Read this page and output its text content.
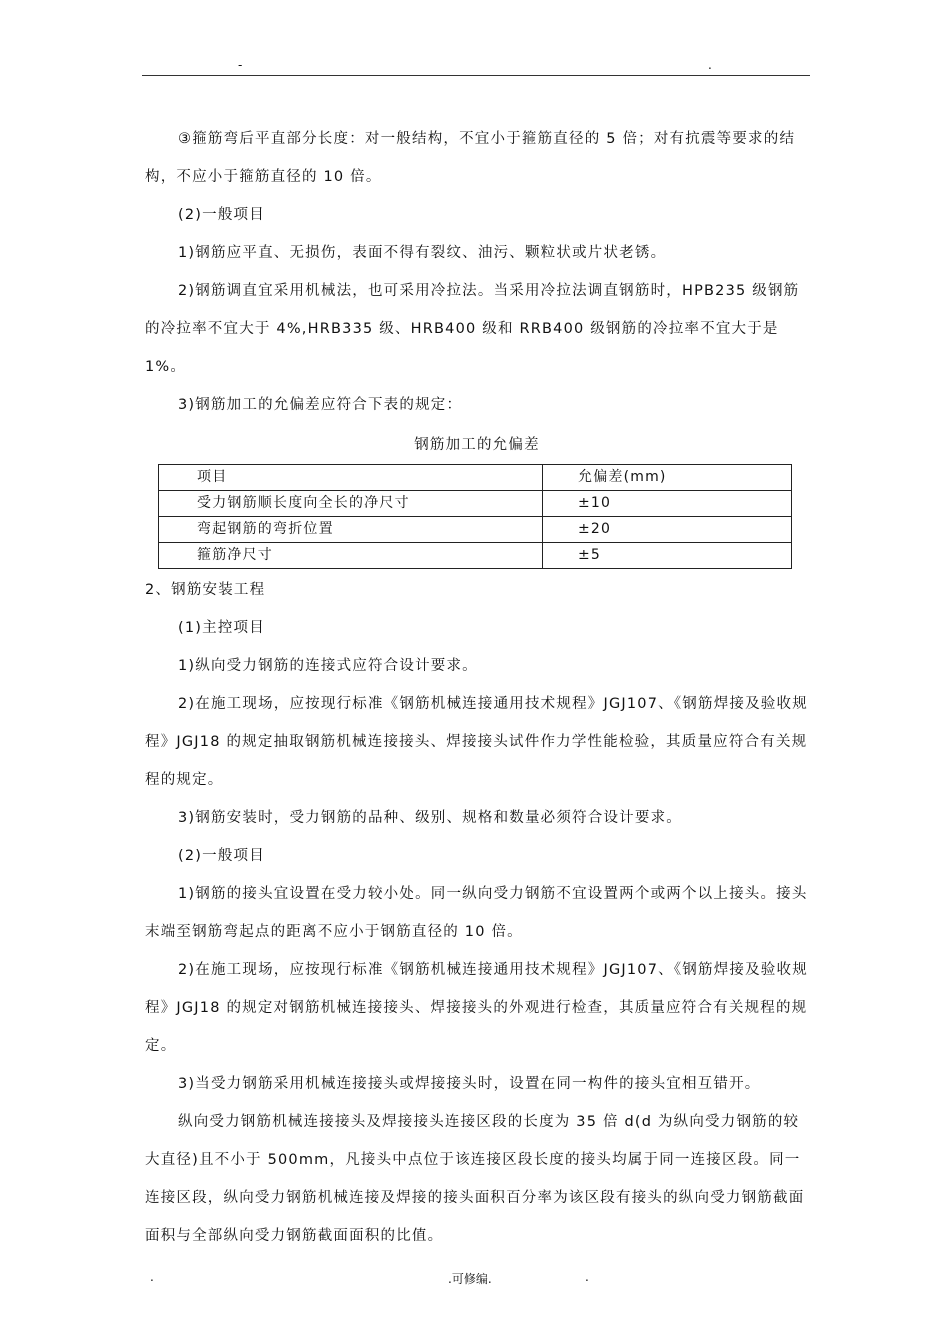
-	.

③箍筋弯后平直部分长度：对一般结构，不宜小于箍筋直径的 5 倍；对有抗震等要求的结构，不应小于箍筋直径的 10 倍。

(2)一般项目

1)钢筋应平直、无损伤，表面不得有裂纹、油污、颗粒状或片状老锈。

2)钢筋调直宜采用机械法，也可采用冷拉法。当采用冷拉法调直钢筋时，HPB235 级钢筋的冷拉率不宜大于 4%,HRB335 级、HRB400 级和 RRB400 级钢筋的冷拉率不宜大于是 1%。

3)钢筋加工的允偏差应符合下表的规定：

钢筋加工的允偏差
项目	允偏差(mm)
受力钢筋顺长度向全长的净尺寸	±10
弯起钢筋的弯折位置	±20
箍筋净尺寸	±5

2、钢筋安装工程

(1)主控项目

1)纵向受力钢筋的连接式应符合设计要求。

2)在施工现场，应按现行标准《钢筋机械连接通用技术规程》JGJ107、《钢筋焊接及验收规程》JGJ18 的规定抽取钢筋机械连接接头、焊接接头试件作力学性能检验，其质量应符合有关规程的规定。

3)钢筋安装时，受力钢筋的品种、级别、规格和数量必须符合设计要求。

(2)一般项目

1)钢筋的接头宜设置在受力较小处。同一纵向受力钢筋不宜设置两个或两个以上接头。接头末端至钢筋弯起点的距离不应小于钢筋直径的 10 倍。

2)在施工现场，应按现行标准《钢筋机械连接通用技术规程》JGJ107、《钢筋焊接及验收规程》JGJ18 的规定对钢筋机械连接接头、焊接接头的外观进行检查，其质量应符合有关规程的规定。

3)当受力钢筋采用机械连接接头或焊接接头时，设置在同一构件的接头宜相互错开。

纵向受力钢筋机械连接接头及焊接接头连接区段的长度为 35 倍 d(d 为纵向受力钢筋的较大直径)且不小于 500mm，凡接头中点位于该连接区段长度的接头均属于同一连接区段。同一连接区段，纵向受力钢筋机械连接及焊接的接头面积百分率为该区段有接头的纵向受力钢筋截面面积与全部纵向受力钢筋截面面积的比值。

.	.可修编.	.
